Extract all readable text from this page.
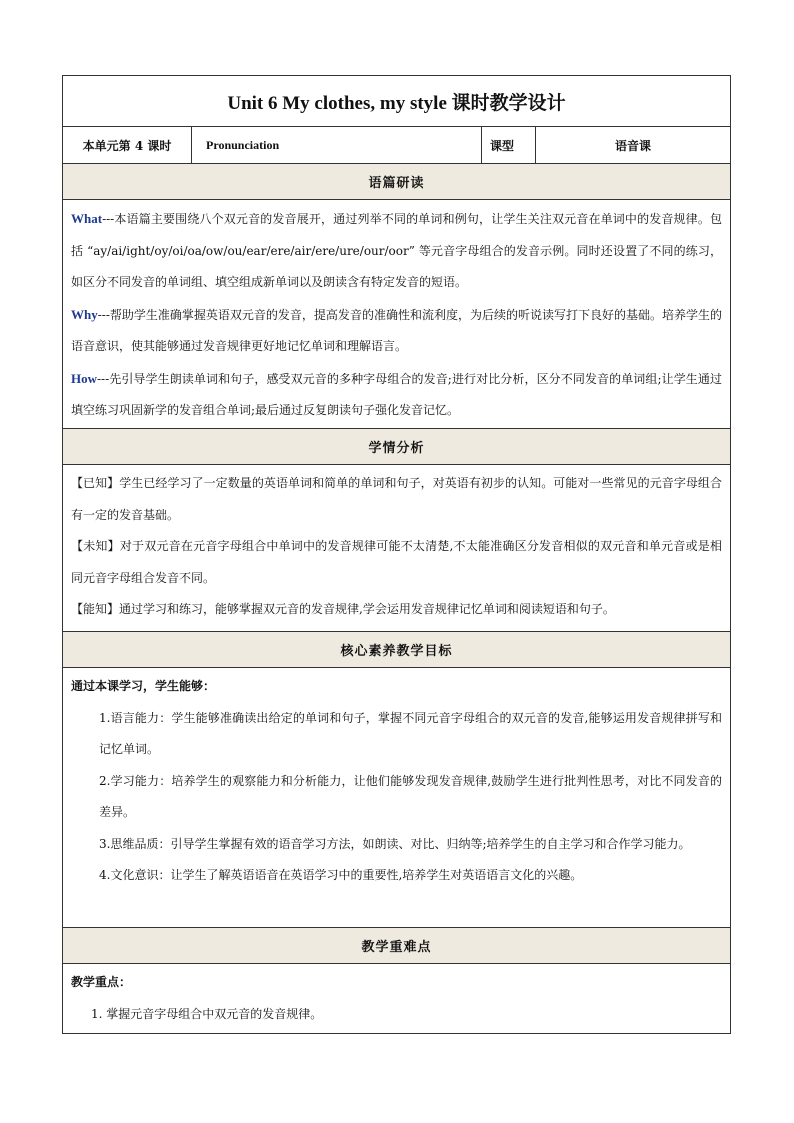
Unit 6 My clothes, my style 课时教学设计
本单元第 4 课时	Pronunciation	课型	语音课
语篇研读

What---本语篇主要围绕八个双元音的发音展开，通过列举不同的单词和例句，让学生关注双元音在单词中的发音规律。包括 “ay/ai/ight/oy/oi/oa/ow/ou/ear/ere/air/ere/ure/our/oor” 等元音字母组合的发音示例。同时还设置了不同的练习，如区分不同发音的单词组、填空组成新单词以及朗读含有特定发音的短语。

Why---帮助学生准确掌握英语双元音的发音，提高发音的准确性和流利度，为后续的听说读写打下良好的基础。培养学生的语音意识，使其能够通过发音规律更好地记忆单词和理解语言。

How---先引导学生朗读单词和句子，感受双元音的多种字母组合的发音;进行对比分析，区分不同发音的单词组;让学生通过填空练习巩固新学的发音组合单词;最后通过反复朗读句子强化发音记忆。

学情分析

【已知】学生已经学习了一定数量的英语单词和简单的单词和句子，对英语有初步的认知。可能对一些常见的元音字母组合有一定的发音基础。

【未知】对于双元音在元音字母组合中单词中的发音规律可能不太清楚,不太能准确区分发音相似的双元音和单元音或是相同元音字母组合发音不同。

【能知】通过学习和练习，能够掌握双元音的发音规律,学会运用发音规律记忆单词和阅读短语和句子。

核心素养教学目标

通过本课学习，学生能够：

1.语言能力：学生能够准确读出给定的单词和句子，掌握不同元音字母组合的双元音的发音,能够运用发音规律拼写和记忆单词。

2.学习能力：培养学生的观察能力和分析能力，让他们能够发现发音规律,鼓励学生进行批判性思考，对比不同发音的差异。

3.思维品质：引导学生掌握有效的语音学习方法，如朗读、对比、归纳等;培养学生的自主学习和合作学习能力。

4.文化意识：让学生了解英语语音在英语学习中的重要性,培养学生对英语语言文化的兴趣。

教学重难点

教学重点：

1. 掌握元音字母组合中双元音的发音规律。
